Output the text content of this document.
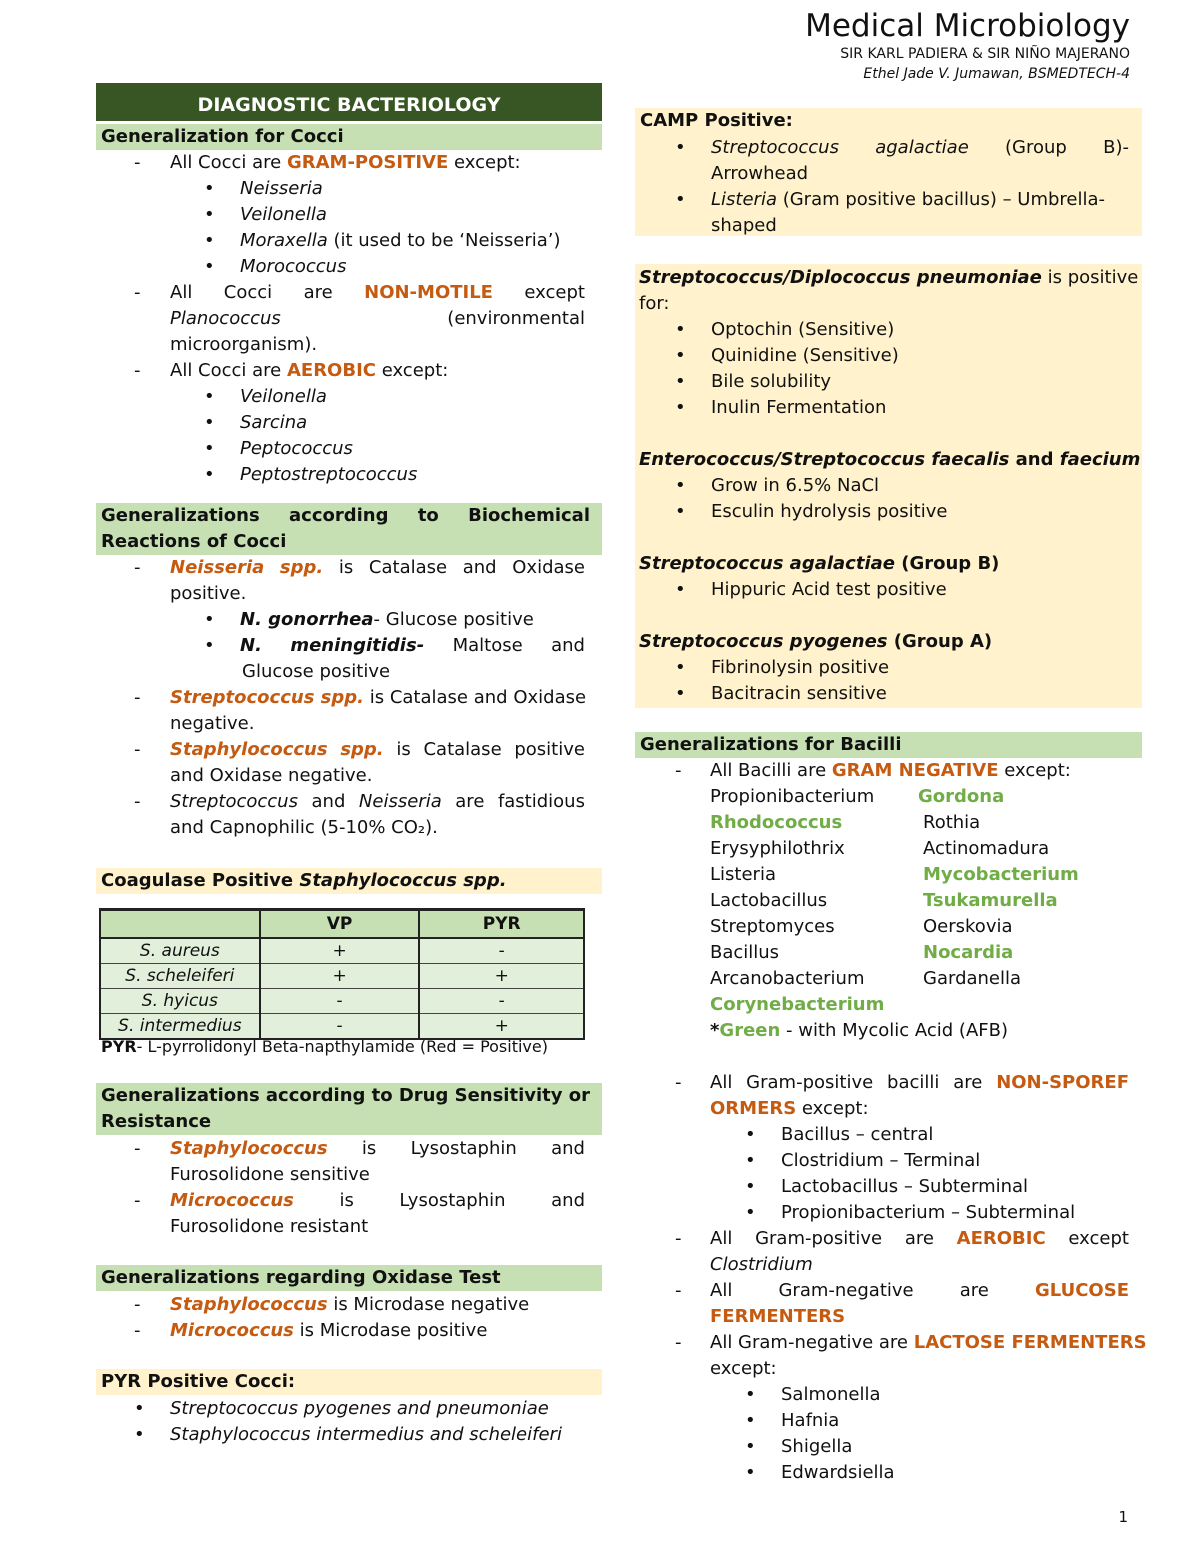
Medical Microbiology
SIR KARL PADIERA & SIR NIÑO MAJERANO
Ethel Jade V. Jumawan, BSMEDTECH-4
DIAGNOSTIC BACTERIOLOGY
Generalization for Cocci
- All Cocci are GRAM-POSITIVE except:
• Neisseria
• Veilonella
• Moraxella (it used to be ‘Neisseria’)
• Morococcus
- All Cocci are NON-MOTILE except
Planococcus	(environmental
microorganism).
- All Cocci are AEROBIC except:
• Veilonella
• Sarcina
• Peptococcus
• Peptostreptococcus
Generalizations according to Biochemical
Reactions of Cocci
- Neisseria spp. is Catalase and Oxidase
positive.
• N. gonorrhea- Glucose positive
• N. meningitidis- Maltose and
Glucose positive
- Streptococcus spp. is Catalase and Oxidase
negative.
- Staphylococcus spp. is Catalase positive
and Oxidase negative.
- Streptococcus and Neisseria are fastidious
and Capnophilic (5-10% CO₂).
Coagulase Positive Staphylococcus spp.
	VP	PYR
S. aureus	+	-
S. scheleiferi	+	+
S. hyicus	-	-
S. intermedius	-	+
PYR- L-pyrrolidonyl Beta-napthylamide (Red = Positive)
Generalizations according to Drug Sensitivity or
Resistance
- Staphylococcus is Lysostaphin and
Furosolidone sensitive
- Micrococcus	is	Lysostaphin	and
Furosolidone resistant
Generalizations regarding Oxidase Test
- Staphylococcus is Microdase negative
- Micrococcus is Microdase positive
PYR Positive Cocci:
• Streptococcus pyogenes and pneumoniae
• Staphylococcus intermedius and scheleiferi
CAMP Positive:
• Streptococcus agalactiae (Group B)-
Arrowhead
• Listeria (Gram positive bacillus) – Umbrella-
shaped
Streptococcus/Diplococcus pneumoniae is positive
for:
• Optochin (Sensitive)
• Quinidine (Sensitive)
• Bile solubility
• Inulin Fermentation
Enterococcus/Streptococcus faecalis and faecium
• Grow in 6.5% NaCl
• Esculin hydrolysis positive
Streptococcus agalactiae (Group B)
• Hippuric Acid test positive
Streptococcus pyogenes (Group A)
• Fibrinolysin positive
• Bacitracin sensitive
Generalizations for Bacilli
- All Bacilli are GRAM NEGATIVE except:
Propionibacterium Gordona
Rhodococcus	Rothia
Erysyphilothrix	Actinomadura
Listeria	Mycobacterium
Lactobacillus	Tsukamurella
Streptomyces	Oerskovia
Bacillus	Nocardia
Arcanobacterium	Gardanella
Corynebacterium
*Green - with Mycolic Acid (AFB)
- All Gram-positive bacilli are NON-SPOREF
ORMERS except:
• Bacillus – central
• Clostridium – Terminal
• Lactobacillus – Subterminal
• Propionibacterium – Subterminal
- All Gram-positive are AEROBIC except
Clostridium
- All	Gram-negative	are	GLUCOSE
FERMENTERS
- All Gram-negative are LACTOSE FERMENTERS
except:
• Salmonella
• Hafnia
• Shigella
• Edwardsiella
1
